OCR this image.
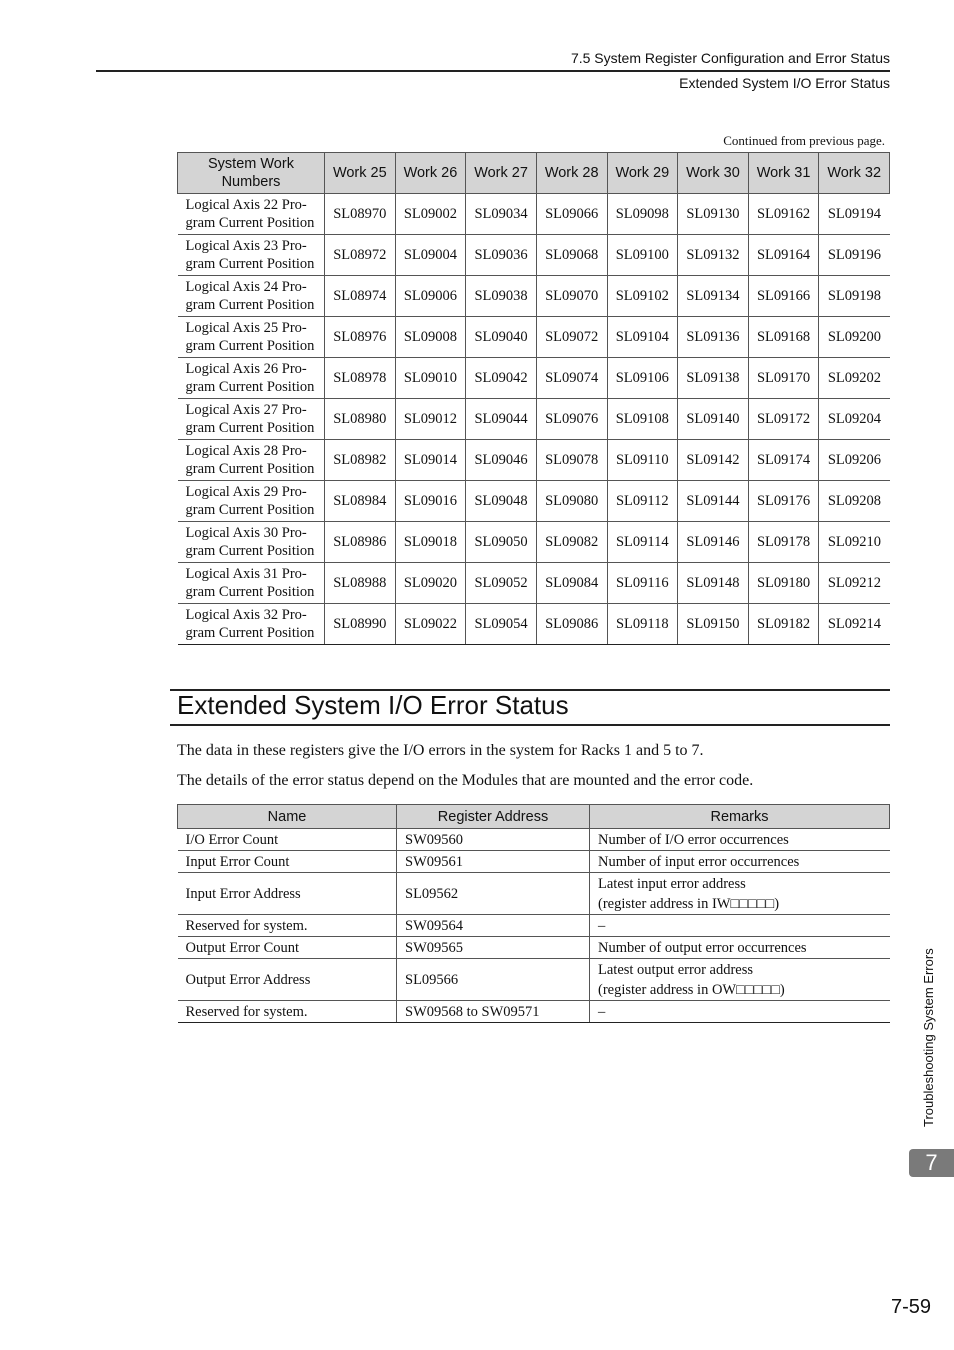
7.5 System Register Configuration and Error Status
Extended System I/O Error Status
Continued from previous page.
System Work Numbers	Work 25	Work 26	Work 27	Work 28	Work 29	Work 30	Work 31	Work 32

Logical Axis 22 Pro-
gram Current Position	SL08970	SL09002	SL09034	SL09066	SL09098	SL09130	SL09162	SL09194

Logical Axis 23 Pro-
gram Current Position	SL08972	SL09004	SL09036	SL09068	SL09100	SL09132	SL09164	SL09196

Logical Axis 24 Pro-
gram Current Position	SL08974	SL09006	SL09038	SL09070	SL09102	SL09134	SL09166	SL09198

Logical Axis 25 Pro-
gram Current Position	SL08976	SL09008	SL09040	SL09072	SL09104	SL09136	SL09168	SL09200

Logical Axis 26 Pro-
gram Current Position	SL08978	SL09010	SL09042	SL09074	SL09106	SL09138	SL09170	SL09202

Logical Axis 27 Pro-
gram Current Position	SL08980	SL09012	SL09044	SL09076	SL09108	SL09140	SL09172	SL09204

Logical Axis 28 Pro-
gram Current Position	SL08982	SL09014	SL09046	SL09078	SL09110	SL09142	SL09174	SL09206

Logical Axis 29 Pro-
gram Current Position	SL08984	SL09016	SL09048	SL09080	SL09112	SL09144	SL09176	SL09208

Logical Axis 30 Pro-
gram Current Position	SL08986	SL09018	SL09050	SL09082	SL09114	SL09146	SL09178	SL09210

Logical Axis 31 Pro-
gram Current Position	SL08988	SL09020	SL09052	SL09084	SL09116	SL09148	SL09180	SL09212

Logical Axis 32 Pro-
gram Current Position	SL08990	SL09022	SL09054	SL09086	SL09118	SL09150	SL09182	SL09214
Extended System I/O Error Status
The data in these registers give the I/O errors in the system for Racks 1 and 5 to 7.
The details of the error status depend on the Modules that are mounted and the error code.
Name	Register Address	Remarks
I/O Error Count	SW09560	Number of I/O error occurrences

Input Error Count	SW09561	Number of input error occurrences

Input Error Address	SL09562	Latest input error address
(register address in IW□□□□□)

Reserved for system.	SW09564	–

Output Error Count	SW09565	Number of output error occurrences

Output Error Address	SL09566	Latest output error address
(register address in OW□□□□□)

Reserved for system.	SW09568 to SW09571	–	Troubleshooting System Errors
7
7-59
